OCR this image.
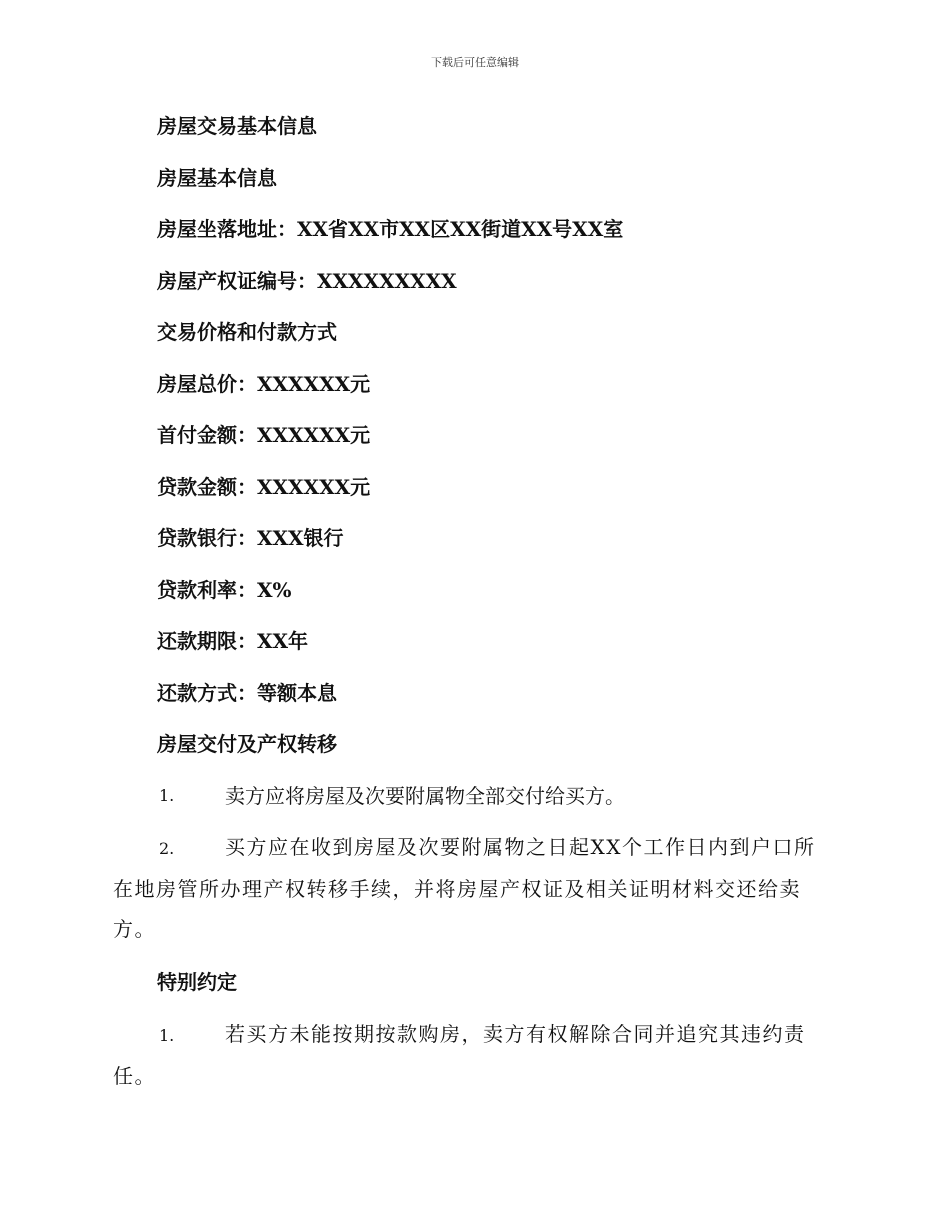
下载后可任意编辑
房屋交易基本信息
房屋基本信息
房屋坐落地址：XX省XX市XX区XX街道XX号XX室
房屋产权证编号：XXXXXXXXX
交易价格和付款方式
房屋总价：XXXXXX元
首付金额：XXXXXX元
贷款金额：XXXXXX元
贷款银行：XXX银行
贷款利率：X%
还款期限：XX年
还款方式：等额本息
房屋交付及产权转移
1.	卖方应将房屋及次要附属物全部交付给买方。
2.	买方应在收到房屋及次要附属物之日起XX个工作日内到户口所在地房管所办理产权转移手续，并将房屋产权证及相关证明材料交还给卖方。
特别约定
1.	若买方未能按期按款购房，卖方有权解除合同并追究其违约责任。
